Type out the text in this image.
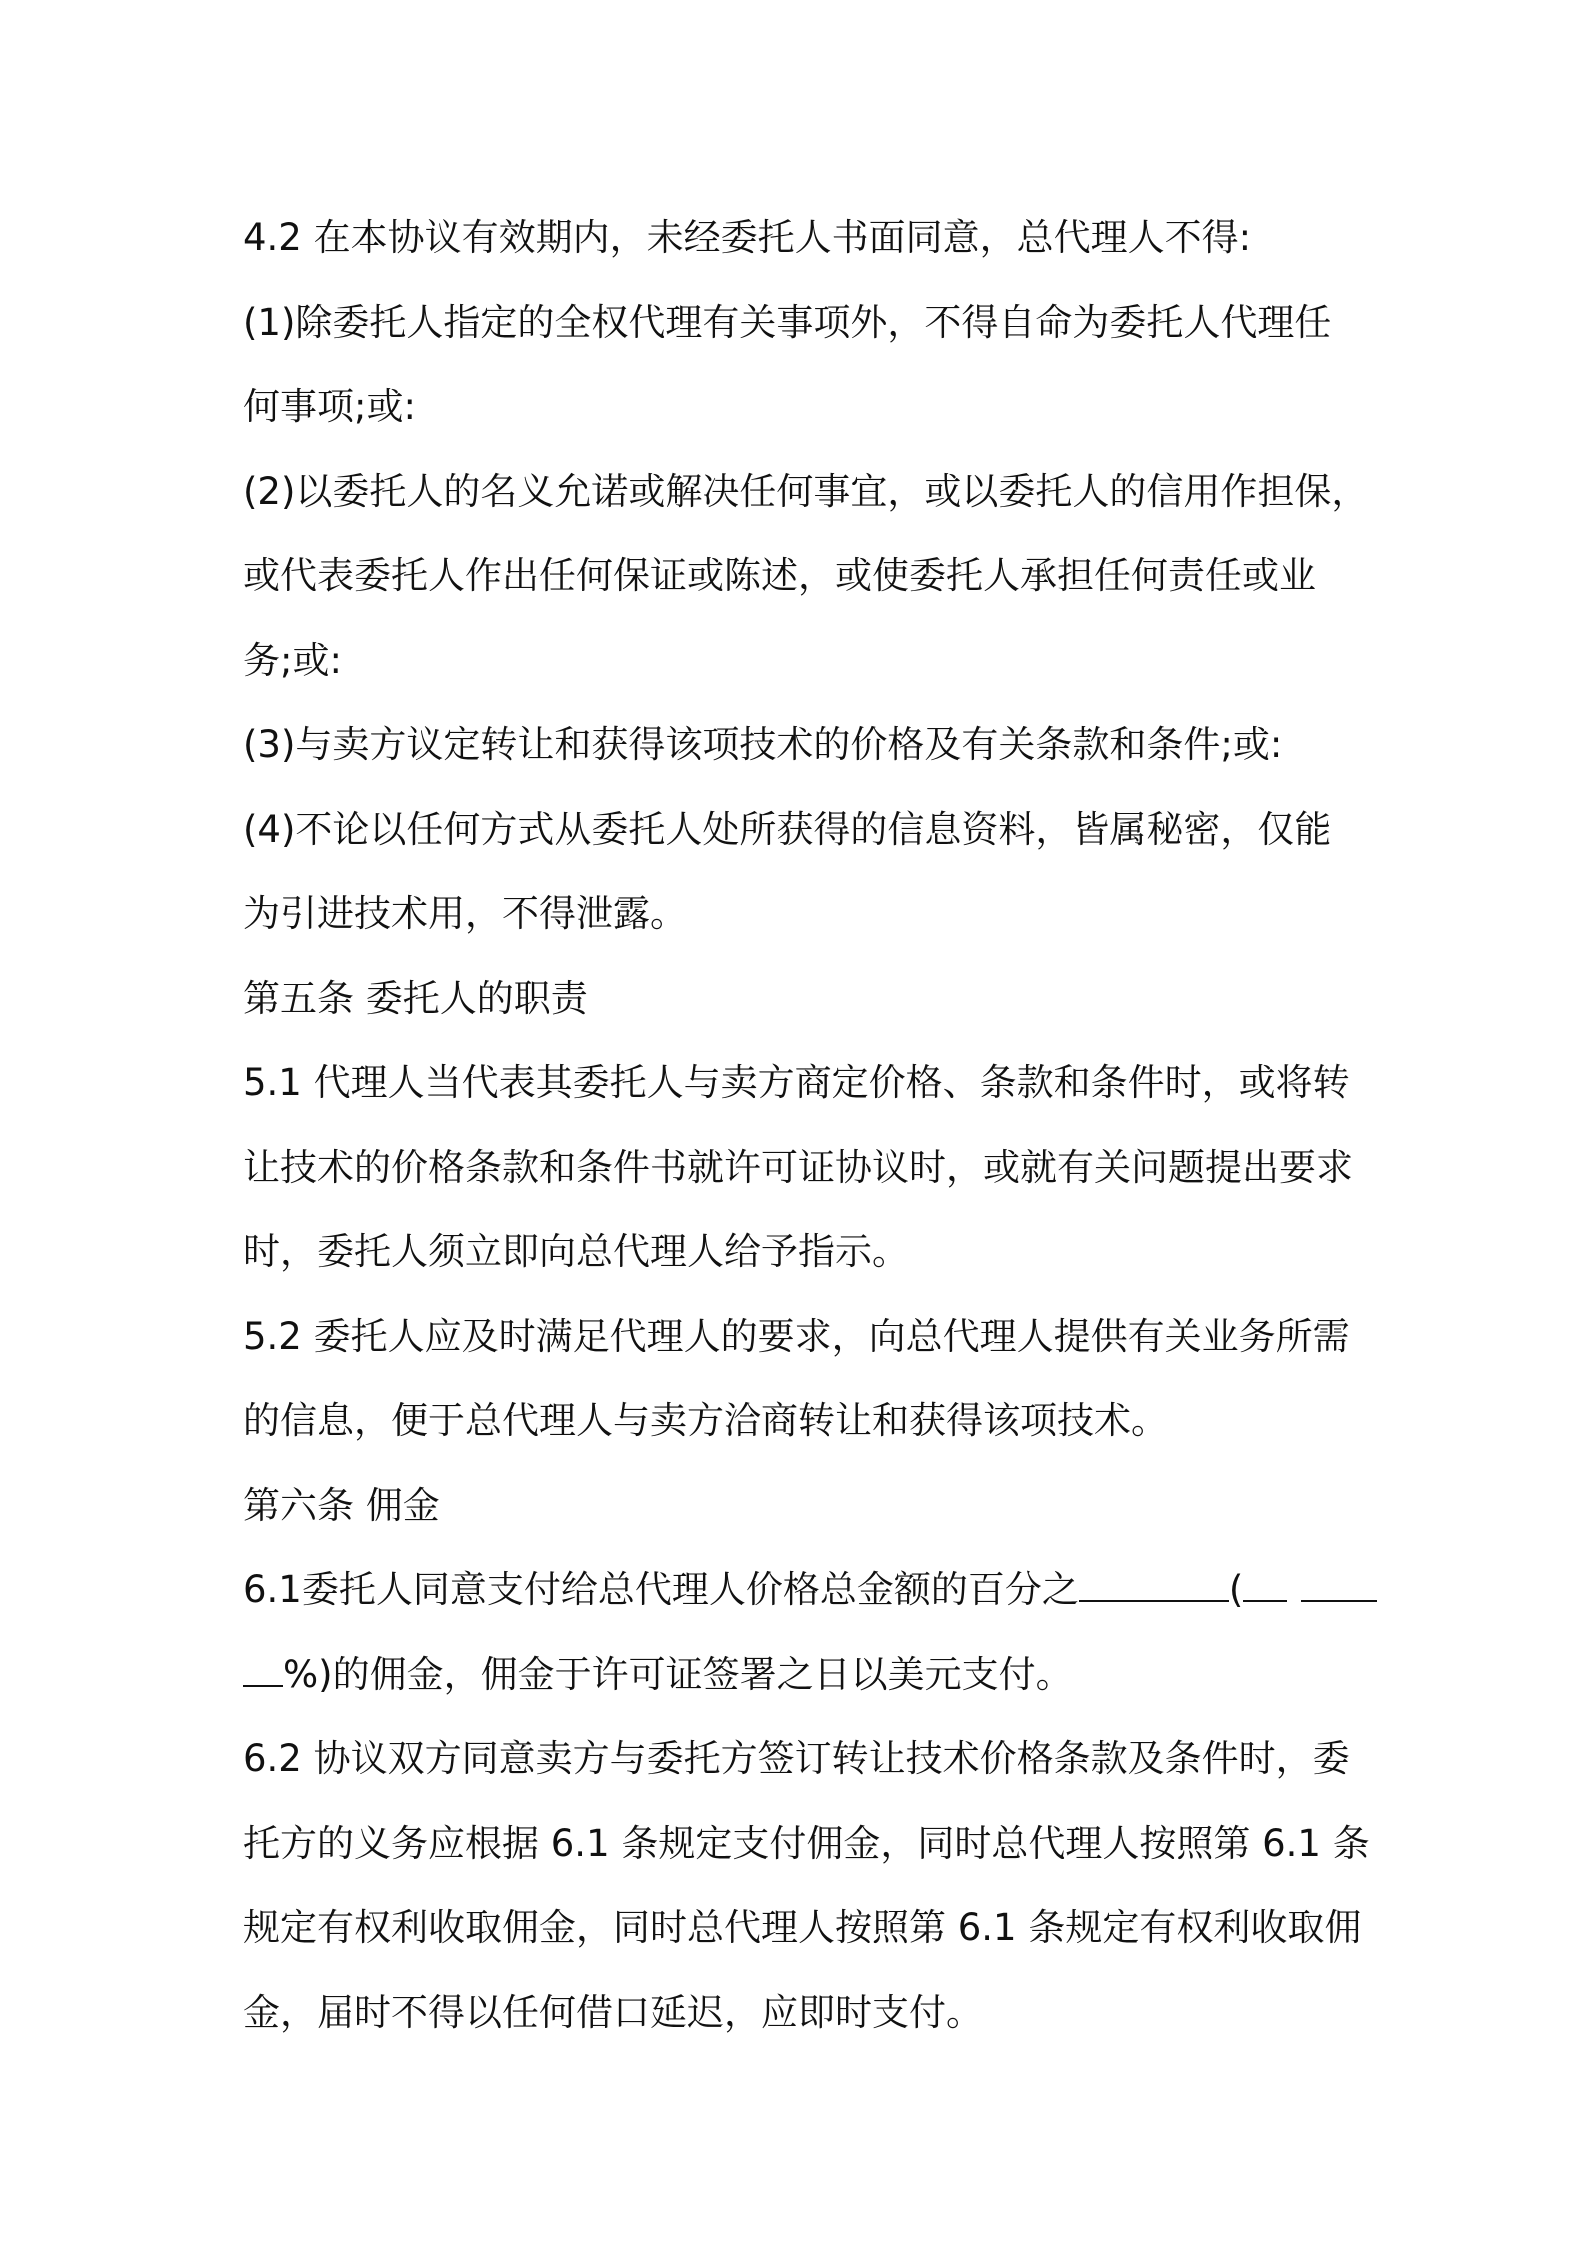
4.2 在本协议有效期内，未经委托人书面同意，总代理人不得:
(1)除委托人指定的全权代理有关事项外，不得自命为委托人代理任
何事项;或:
(2)以委托人的名义允诺或解决任何事宜，或以委托人的信用作担保，
或代表委托人作出任何保证或陈述，或使委托人承担任何责任或业
务;或:
(3)与卖方议定转让和获得该项技术的价格及有关条款和条件;或:
(4)不论以任何方式从委托人处所获得的信息资料，皆属秘密，仅能
为引进技术用，不得泄露。
第五条 委托人的职责
5.1 代理人当代表其委托人与卖方商定价格、条款和条件时，或将转
让技术的价格条款和条件书就许可证协议时，或就有关问题提出要求
时，委托人须立即向总代理人给予指示。
5.2 委托人应及时满足代理人的要求，向总代理人提供有关业务所需
的信息，便于总代理人与卖方洽商转让和获得该项技术。
第六条 佣金
6.1委托人同意支付给总代理人价格总金额的百分之	(
%)的佣金，佣金于许可证签署之日以美元支付。
6.2 协议双方同意卖方与委托方签订转让技术价格条款及条件时，委
托方的义务应根据 6.1 条规定支付佣金，同时总代理人按照第 6.1 条
规定有权利收取佣金，同时总代理人按照第 6.1 条规定有权利收取佣
金，届时不得以任何借口延迟，应即时支付。
